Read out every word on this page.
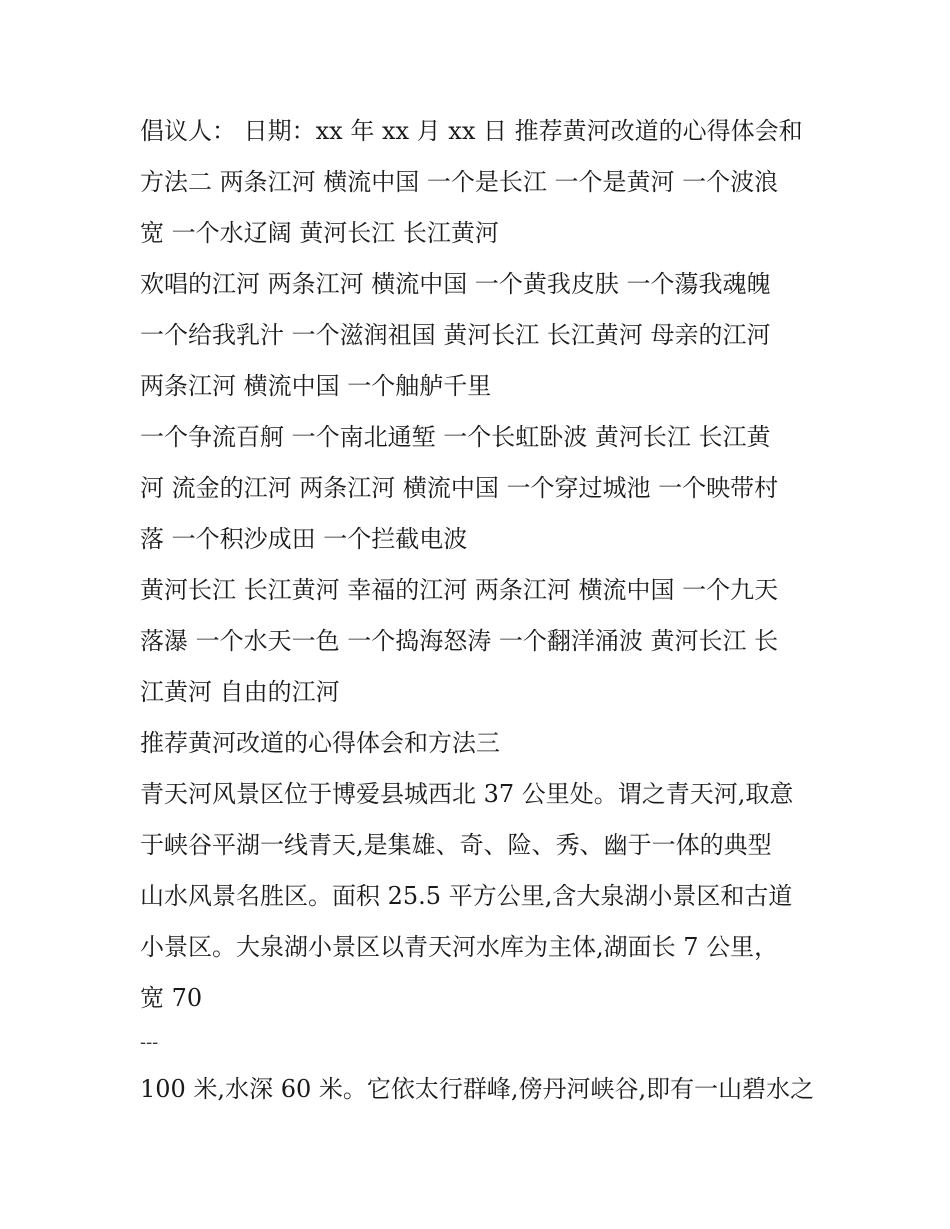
倡议人： 日期：xx 年 xx 月 xx 日 推荐黄河改道的心得体会和
方法二 两条江河 横流中国 一个是长江 一个是黄河 一个波浪
宽 一个水辽阔 黄河长江 长江黄河
欢唱的江河 两条江河 横流中国 一个黄我皮肤 一个蕩我魂魄
一个给我乳汁 一个滋润祖国 黄河长江 长江黄河 母亲的江河
两条江河 横流中国 一个舳舻千里
一个争流百舸 一个南北通堑 一个长虹卧波 黄河长江 长江黄
河 流金的江河 两条江河 横流中国 一个穿过城池 一个映带村
落 一个积沙成田 一个拦截电波
黄河长江 长江黄河 幸福的江河 两条江河 横流中国 一个九天
落瀑 一个水天一色 一个捣海怒涛 一个翻洋涌波 黄河长江 长
江黄河 自由的江河
推荐黄河改道的心得体会和方法三
青天河风景区位于博爱县城西北 37 公里处。谓之青天河,取意
于峡谷平湖一线青天,是集雄、奇、险、秀、幽于一体的典型
山水风景名胜区。面积 25.5 平方公里,含大泉湖小景区和古道
小景区。大泉湖小景区以青天河水库为主体,湖面长 7 公里，
宽 70
---
100 米,水深 60 米。它依太行群峰,傍丹河峡谷,即有一山碧水之
